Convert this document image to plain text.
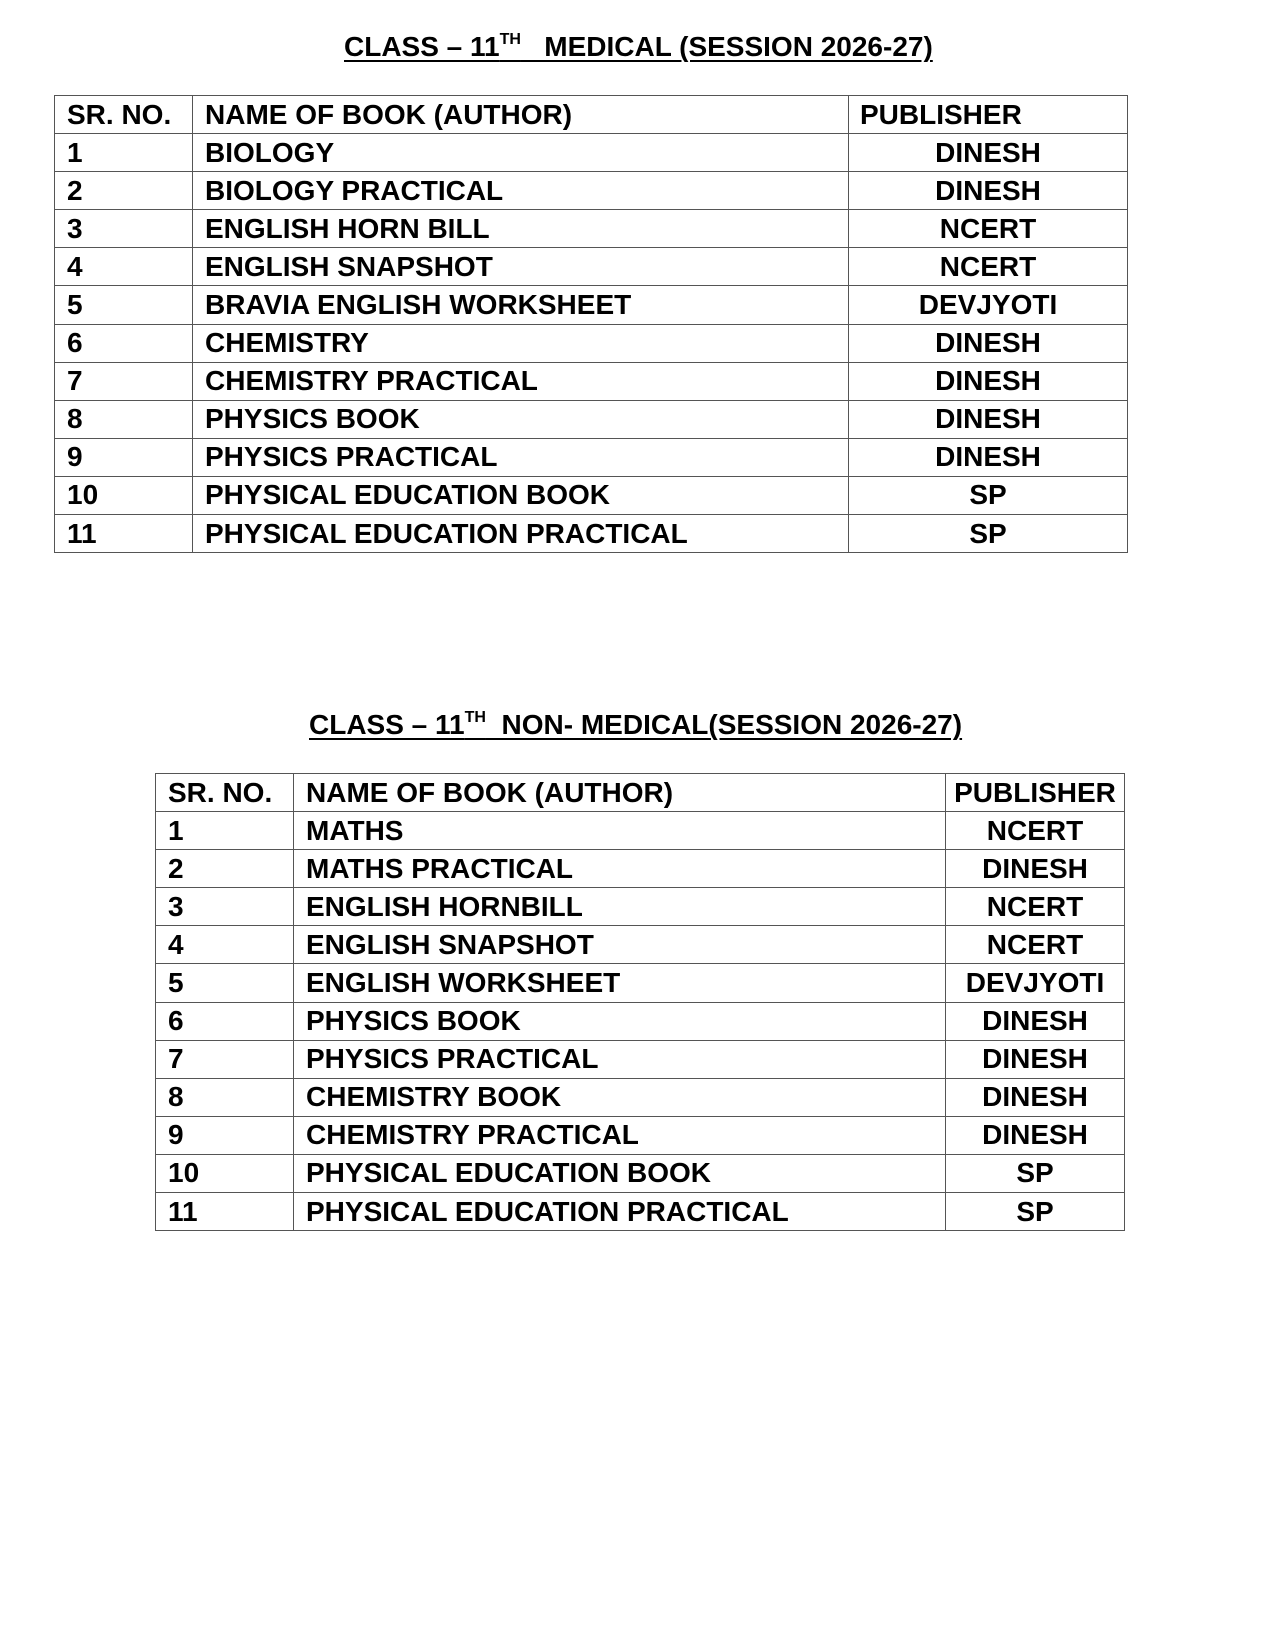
CLASS – 11TH   MEDICAL (SESSION 2026-27)
SR. NO.	NAME OF BOOK (AUTHOR)	PUBLISHER
1	BIOLOGY	DINESH
2	BIOLOGY PRACTICAL	DINESH
3	ENGLISH HORN BILL	NCERT
4	ENGLISH SNAPSHOT	NCERT
5	BRAVIA ENGLISH WORKSHEET	DEVJYOTI
6	CHEMISTRY	DINESH
7	CHEMISTRY PRACTICAL	DINESH
8	PHYSICS BOOK	DINESH
9	PHYSICS PRACTICAL	DINESH
10	PHYSICAL EDUCATION BOOK	SP
11	PHYSICAL EDUCATION PRACTICAL	SP
CLASS – 11TH  NON- MEDICAL(SESSION 2026-27)
SR. NO.	NAME OF BOOK (AUTHOR)	PUBLISHER
1	MATHS	NCERT
2	MATHS PRACTICAL	DINESH
3	ENGLISH HORNBILL	NCERT
4	ENGLISH SNAPSHOT	NCERT
5	ENGLISH WORKSHEET	DEVJYOTI
6	PHYSICS BOOK	DINESH
7	PHYSICS PRACTICAL	DINESH
8	CHEMISTRY BOOK	DINESH
9	CHEMISTRY PRACTICAL	DINESH
10	PHYSICAL EDUCATION BOOK	SP
11	PHYSICAL EDUCATION PRACTICAL	SP
